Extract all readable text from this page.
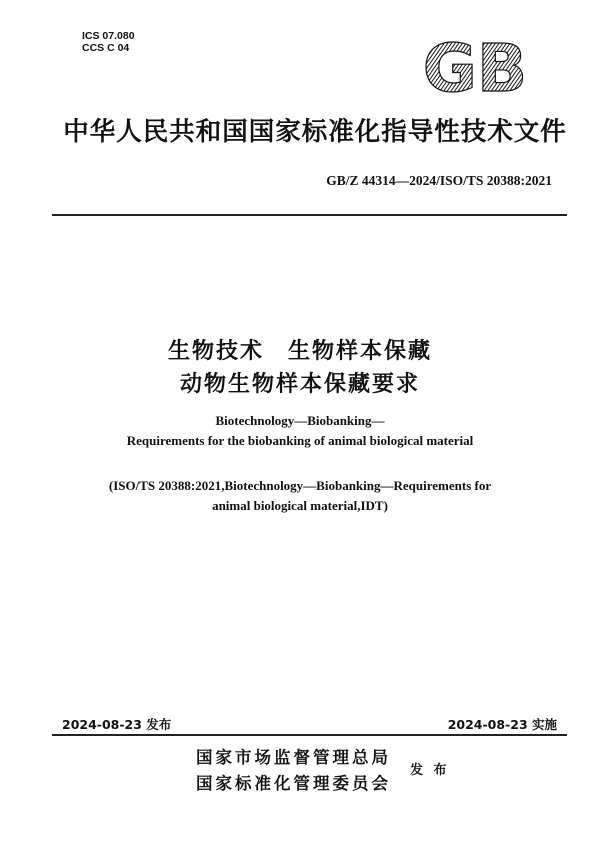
ICS 07.080
CCS C 04	GB
中华人民共和国国家标准化指导性技术文件
GB/Z 44314—2024/ISO/TS 20388:2021
生物技术　生物样本保藏
动物生物样本保藏要求
Biotechnology—Biobanking—
Requirements for the biobanking of animal biological material
(ISO/TS 20388:2021,Biotechnology—Biobanking—Requirements for
animal biological material,IDT)
2024-08-23 发布	2024-08-23 实施
国家市场监督管理总局
国家标准化管理委员会
发 布
